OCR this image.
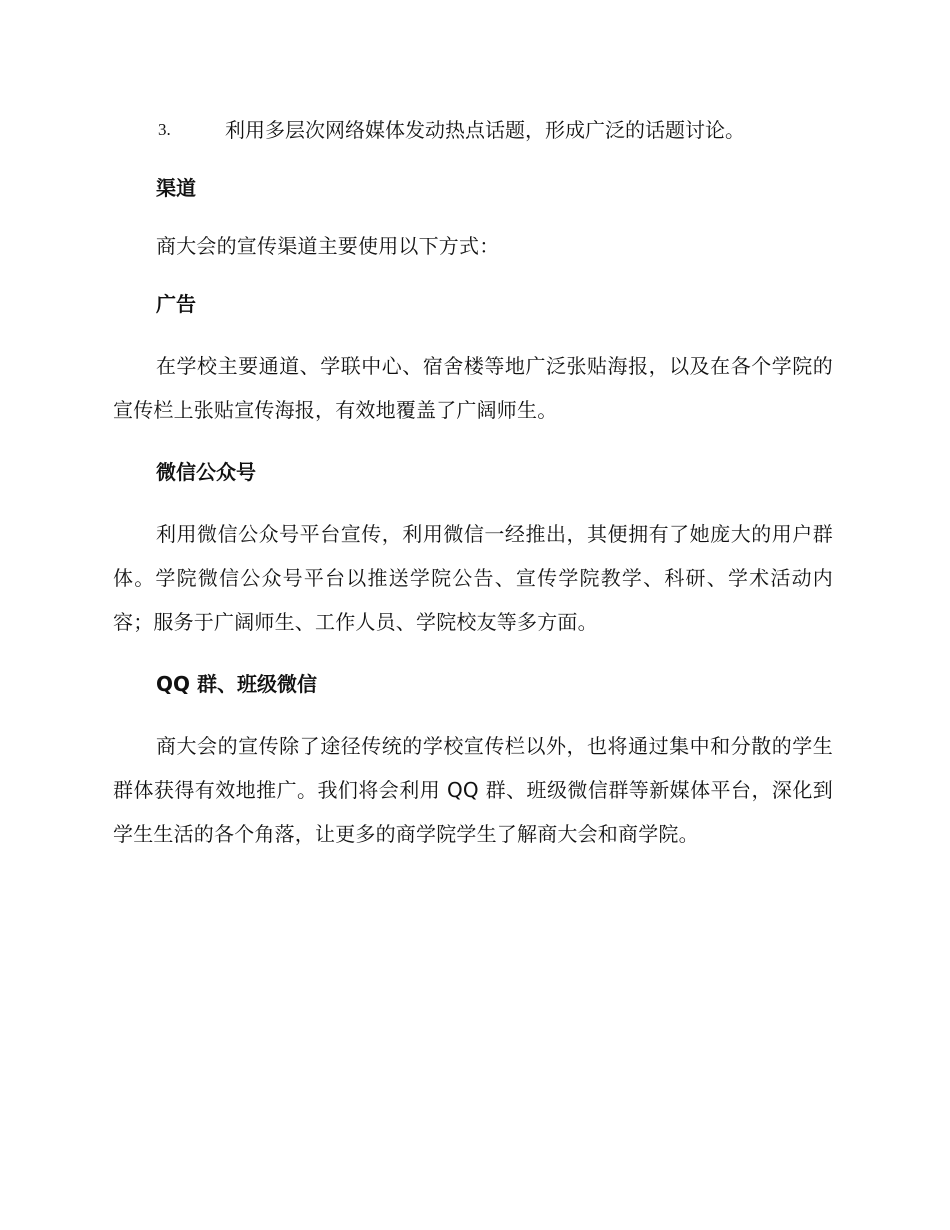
3.	利用多层次网络媒体发动热点话题，形成广泛的话题讨论。
渠道

商大会的宣传渠道主要使用以下方式：

广告

在学校主要通道、学联中心、宿舍楼等地广泛张贴海报，以及在各个学院的宣传栏上张贴宣传海报，有效地覆盖了广阔师生。

微信公众号

利用微信公众号平台宣传，利用微信一经推出，其便拥有了她庞大的用户群体。学院微信公众号平台以推送学院公告、宣传学院教学、科研、学术活动内容；服务于广阔师生、工作人员、学院校友等多方面。

QQ 群、班级微信

商大会的宣传除了途径传统的学校宣传栏以外，也将通过集中和分散的学生群体获得有效地推广。我们将会利用 QQ 群、班级微信群等新媒体平台，深化到学生生活的各个角落，让更多的商学院学生了解商大会和商学院。
